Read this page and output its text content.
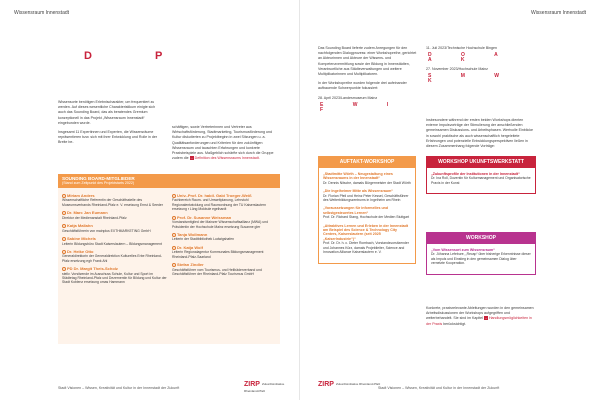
Wissensraum Innenstadt
D P

Wissensorte benötigen Erlebnischarakter, um frequentiert zu werden. Auf dieses wesentliche Charakteristikum einigte sich auch das Sounding Board, das als beratendes Gremium konzeptionell in das Projekt „Wissensraum Innenstadt“ eingebunden wurde.

Insgesamt 11 Expertinnen und Experten, die Wissensräume repräsentieren bzw. sich mit ihrer Entwicklung und Rolle in der Breite be-

schäftigen, sowie Vertreterinnen und Vertreter aus Wirtschaftsförderung, Stadtmarketing, Tourismusförderung und Kultur diskutierten zu Projektbeginn in zwei Sitzungen u. a. Qualitätsanforderungen und Kriterien für den zukünftigen Wissensraum und tauschten Erfahrungen und konkrete Praxisbeispiele aus. Maßgeblich schärfte sich durch die Gruppe zudem die → Definition des Wissensraums Innenstadt.

SOUNDING BOARD-MITGLIEDER
(Stand zum Zeitpunkt des Projektstarts 2022)
Miriam Anders
Wissenschaftliche Referentin der Geschäftsstelle des Museumsverbands Rheinland-Pfalz e. V. ersetzung Ernst & Seeder
Dr. Marc Jan Eumann
Direktor der Medienanstalt Rheinland-Pfalz
Katja Mallahn
Geschäftsführerin von mainplus EXTHMARKETING GmbH
Sabine Michels
Leiterin Bildungsbüro Stadt Kaiserslautern – Bildungsmanagement
Dr. Heike Otto
Generaldirektorin der Generaldirektion Kulturelles Erbe Rheinland-Pfalz ersetzung egh Frank Ahl
PD Dr. Margit Theis-Scholz
stellv. Vorsitzende im Ausschuss Schule, Kultur und Sport im Städtetag Rheinland-Pfalz und Dezernentin für Bildung und Kultur der Stadt Koblenz ersetzung omas Hammann
Univ.-Prof. Dr. habil. Gabi Troeger-Weiß
Fachbereich Raum- und Umweltplanung, Lehrstuhl Regionalentwicklung und Raumordnung der TU Kaiserslautern ersetzung r Lüng Mokbule egelhardt
Prof. Dr. Susanne Weissman
Vorstandsmitglied der Mainzer Wissenschaftsallianz (MWA) und Präsidentin der Hochschule Mainz ersetzung Susanne gler
Tanja Wollmann
Leiterin der Stadtbibliothek Ludwigshafen
Dr. Katja Wolf
Leiterin Regionalagentur Kommunales Bildungsmanagement Rheinland-Pfalz-Saarland
Stefan Zindler
Geschäftsführer vom Tourismus- und Heilbäderverband und Geschäftsführer der Rheinland-Pfalz Tourismus GmbH
Stadt Visionen – Wissen, Kreativität und Kultur in der Innenstadt der Zukunft	ZIRP Zukunftsinitiative Rheinland-Pfalz
Wissensraum Innenstadt

Das Sounding Board lieferte zudem Anregungen für den nachfolgenden Dialogprozess: einer Workshopreihe, gerichtet an Akteurinnen und Akteure der Wissens- und Kompetenzvermittlung sowie der Bildung in Innenstädten, Verantwortliche aus Städteverwaltungen und weitere Multiplikatorinnen und Multiplikatoren.

In der Workshopreihe wurden folgende drei aufeinander aufbauende Schwerpunkte fokussiert:

28. April 2023/Landesmuseum Mainz

E W I F

11. Juli 2023/Technische Hochschule Bingen

D O A
A K

27. November 2023/Hochschule Mainz

S M W
K
Insbesondere während der ersten beiden Workshops dienten externe Impulsvorträge der Stimulierung der anschließenden gemeinsamen Diskussions- und Arbeitsphasen. Wertvolle Einblicke in sowohl praktische als auch wissenschaftlich hergeleitete Erfahrungen und potenzielle Entwicklungsperspektiven ließen in diesem Zusammenhang folgende Vorträge:
AUFTAKT-WORKSHOP
„Stadtmitte Wörth – Neugestaltung eines Wissensraums in der Innenstadt“
Dr. Dennis Nitsche, damals Bürgermeister der Stadt Wörth
„Die Ingelheimer Mitte als Wissensraum“
Dr. Florian Pfeil und Heinz Peter Kessel, Geschäftsführer des Weiterbildungszentrums in Ingelheim am Rhein
„Voraussetzungen für informelles und selbstgesteuertes Lernen“
Prof. Dr. Richard Stang, Hochschule der Medien Stuttgart
„Attraktives Lernen und Erleben in der Innenstadt am Beispiel des Science & Technology City Centers, Kaiserslautern (seit 2025 „KaiserIndustrie“)“
Prof. Dr. Dr. h. c. Dieter Rombach, Vorstandsvorsitzender und Johannes Kürz, damals Projektleiter, Science and Innovation Alliance Kaiserslautern e. V.
WORKSHOP UKUNFTSWERKSTATT
„Zukunftsprofile der Institutionen in der Innenstadt“
Dr. Ina Roll, Dozentin für Kulturmanagement und Organisatorische Praxis in der Kunst
WORKSHOP
„Vom Wissensort zum Wissensraum“
Dr. Jöhanna Lefebure, „Recap“ über bisherige Erkenntnisse dieser als Impuls und Einstieg in den gemeinsamen Dialog über vernetzte Kooperation.
Konkrete, praxisrelevante Ableitungen wurden in den gemeinsamen Arbeitsdiskussionen der Workshops aufgegriffen und weiterbehandelt. Sie sind im Kapitel → Handlungsmöglichkeiten in der Praxis berücksichtigt.
ZIRP Zukunftsinitiative Rheinland-Pfalz
Stadt Visionen – Wissen, Kreativität und Kultur in der Innenstadt der Zukunft
